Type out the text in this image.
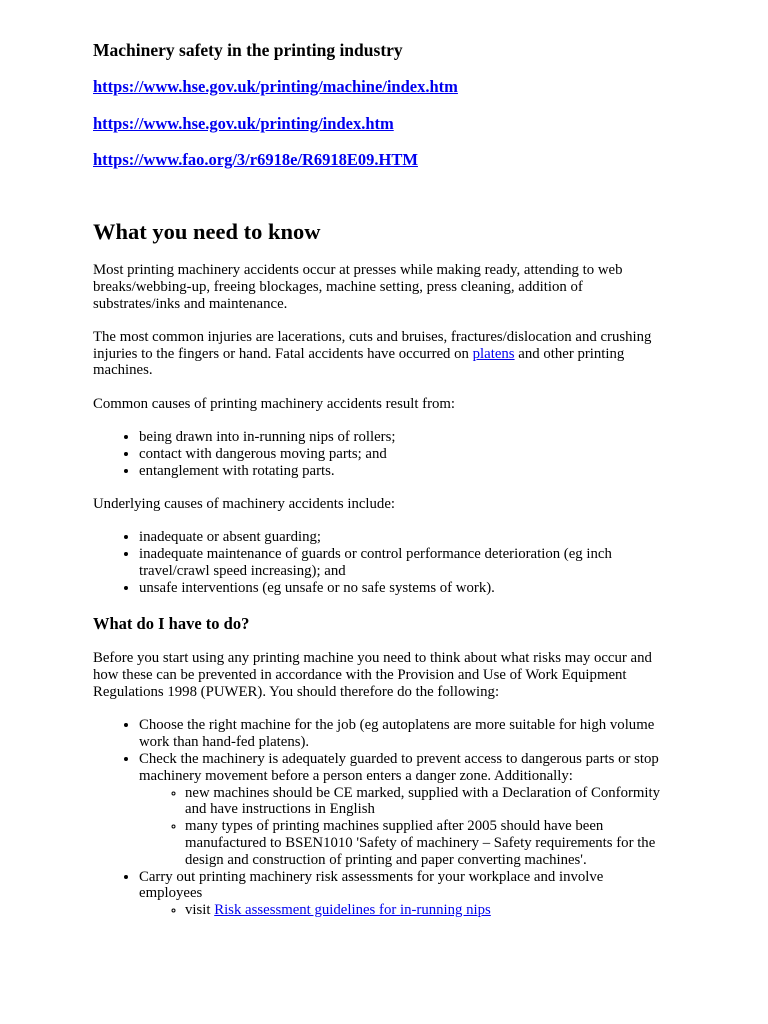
Machinery safety in the printing industry
https://www.hse.gov.uk/printing/machine/index.htm
https://www.hse.gov.uk/printing/index.htm
https://www.fao.org/3/r6918e/R6918E09.HTM
What you need to know

Most printing machinery accidents occur at presses while making ready, attending to web breaks/webbing-up, freeing blockages, machine setting, press cleaning, addition of substrates/inks and maintenance.

The most common injuries are lacerations, cuts and bruises, fractures/dislocation and crushing injuries to the fingers or hand. Fatal accidents have occurred on platens and other printing machines.

Common causes of printing machinery accidents result from:

• being drawn into in-running nips of rollers;
• contact with dangerous moving parts; and
• entanglement with rotating parts.

Underlying causes of machinery accidents include:

• inadequate or absent guarding;
• inadequate maintenance of guards or control performance deterioration (eg inch travel/crawl speed increasing); and
• unsafe interventions (eg unsafe or no safe systems of work).
What do I have to do?

Before you start using any printing machine you need to think about what risks may occur and how these can be prevented in accordance with the Provision and Use of Work Equipment Regulations 1998 (PUWER). You should therefore do the following:

• Choose the right machine for the job (eg autoplatens are more suitable for high volume work than hand-fed platens).
• Check the machinery is adequately guarded to prevent access to dangerous parts or stop machinery movement before a person enters a danger zone. Additionally:
◦ new machines should be CE marked, supplied with a Declaration of Conformity and have instructions in English
◦ many types of printing machines supplied after 2005 should have been manufactured to BSEN1010 'Safety of machinery – Safety requirements for the design and construction of printing and paper converting machines'.
• Carry out printing machinery risk assessments for your workplace and involve employees
◦ visit Risk assessment guidelines for in-running nips
